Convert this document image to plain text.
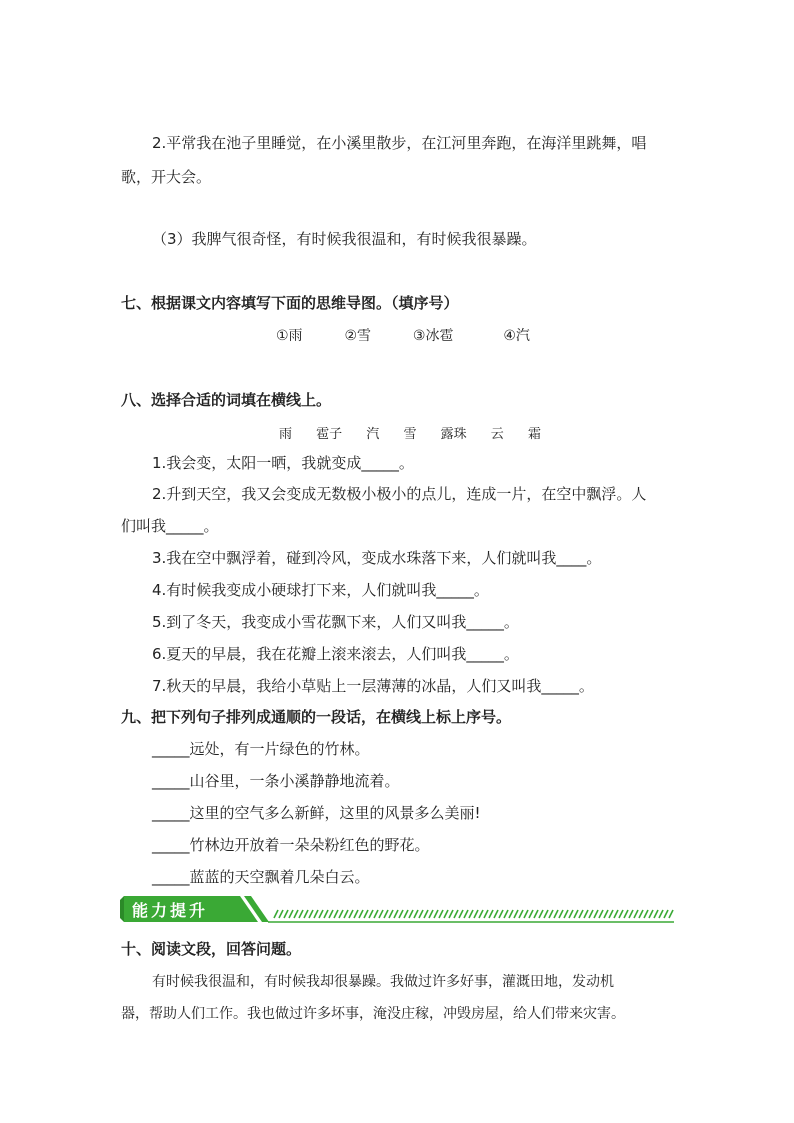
2.平常我在池子里睡觉，在小溪里散步，在江河里奔跑，在海洋里跳舞，唱
歌，开大会。
（3）我脾气很奇怪，有时候我很温和，有时候我很暴躁。
七、根据课文内容填写下面的思维导图。（填序号）
①雨	②雪	③冰雹	④汽
八、选择合适的词填在横线上。
雨 雹子 汽 雪 露珠 云 霜
1.我会变，太阳一晒，我就变成_____。
2.升到天空，我又会变成无数极小极小的点儿，连成一片，在空中飘浮。人
们叫我_____。
3.我在空中飘浮着，碰到冷风，变成水珠落下来，人们就叫我____。
4.有时候我变成小硬球打下来，人们就叫我_____。
5.到了冬天，我变成小雪花飘下来，人们又叫我_____。
6.夏天的早晨，我在花瓣上滚来滚去，人们叫我_____。
7.秋天的早晨，我给小草贴上一层薄薄的冰晶，人们又叫我_____。
九、把下列句子排列成通顺的一段话，在横线上标上序号。
_____远处，有一片绿色的竹林。
_____山谷里，一条小溪静静地流着。
_____这里的空气多么新鲜，这里的风景多么美丽!
_____竹林边开放着一朵朵粉红色的野花。
_____蓝蓝的天空飘着几朵白云。
能力提升
十、阅读文段，回答问题。
有时候我很温和，有时候我却很暴躁。我做过许多好事，灌溉田地，发动机
器，帮助人们工作。我也做过许多坏事，淹没庄稼，冲毁房屋，给人们带来灾害。
